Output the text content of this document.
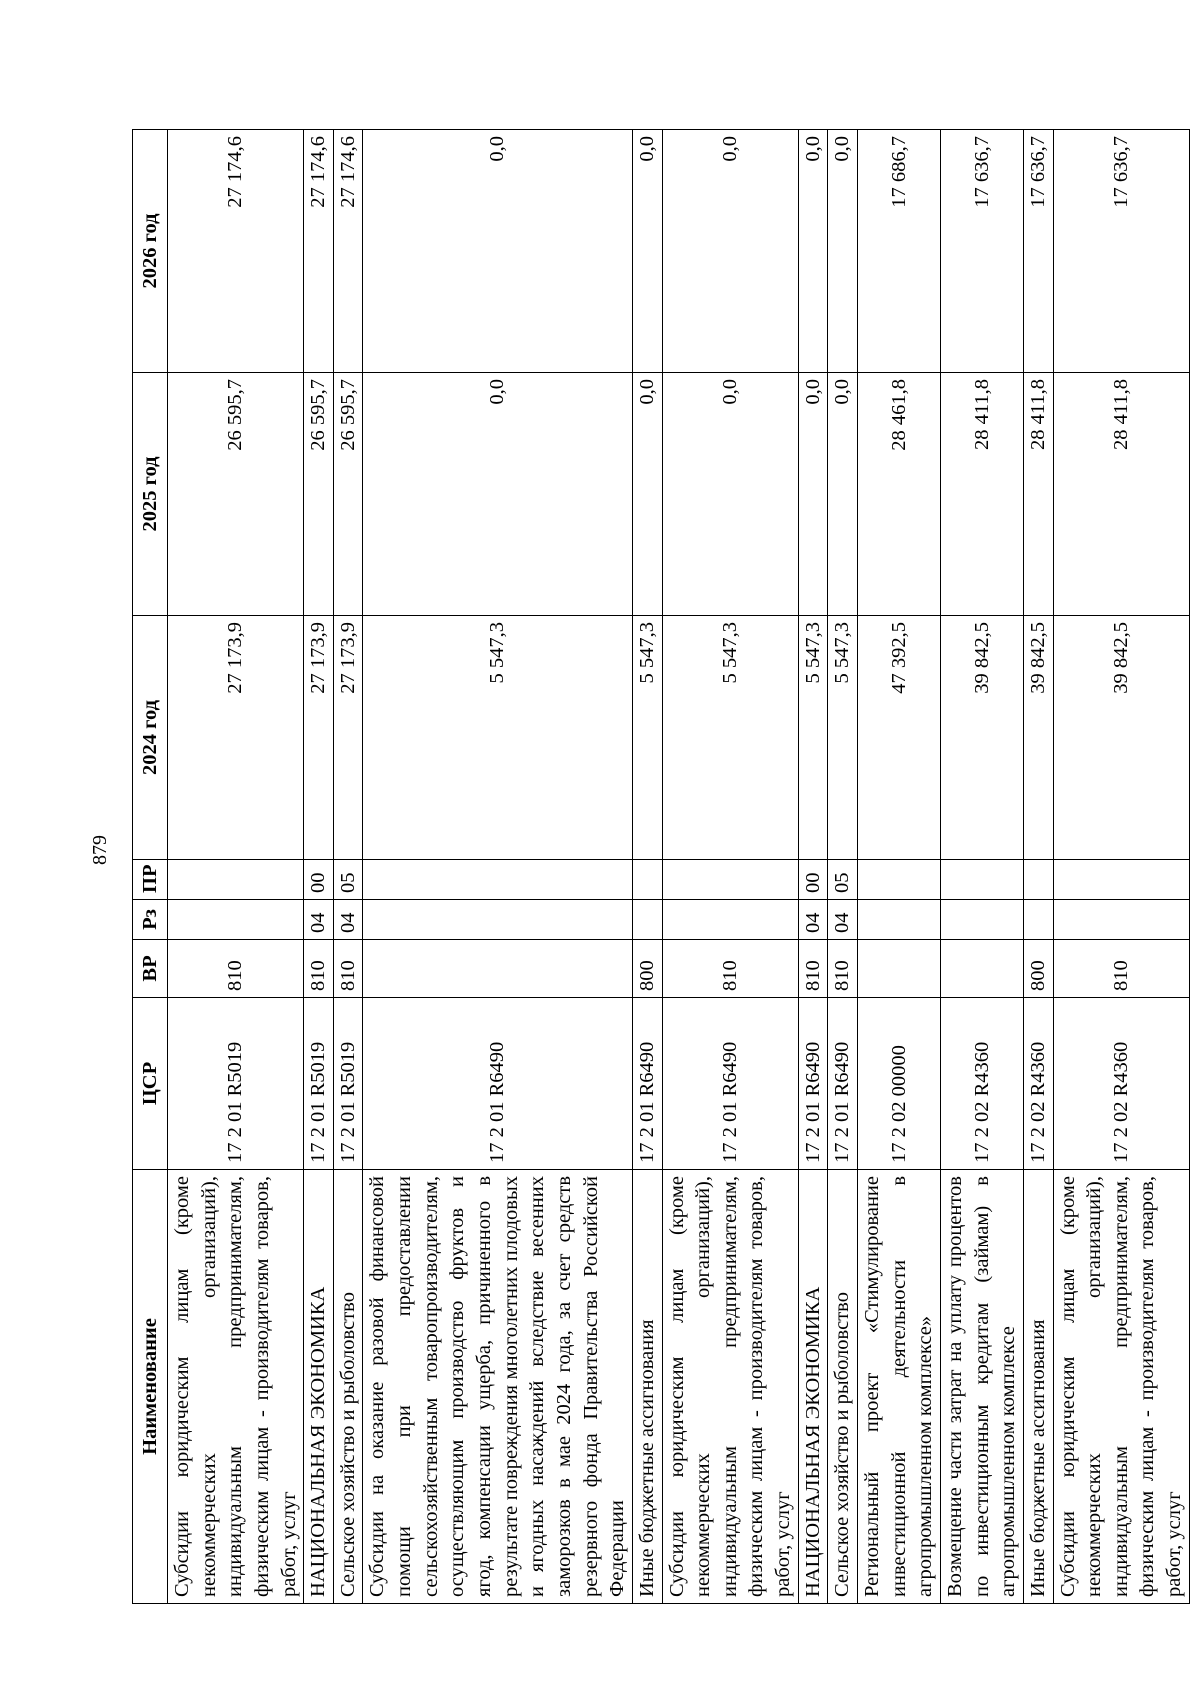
879
Наименование	ЦСР	ВР	Рз	ПР	2024 год	2025 год	2026 год
Субсидии юридическим лицам (кроме некоммерческих организаций), индивидуальным предпринимателям, физическим лицам - производителям товаров, работ, услуг	17 2 01 R5019	810			27 173,9	26 595,7	27 174,6
НАЦИОНАЛЬНАЯ ЭКОНОМИКА	17 2 01 R5019	810	04	00	27 173,9	26 595,7	27 174,6
Сельское хозяйство и рыболовство	17 2 01 R5019	810	04	05	27 173,9	26 595,7	27 174,6
Субсидии на оказание разовой финансовой помощи при предоставлении сельскохозяйственным товаропроизводителям, осуществляющим производство фруктов и ягод, компенсации ущерба, причиненного в результате повреждения многолетних плодовых и ягодных насаждений вследствие весенних заморозков в мае 2024 года, за счет средств резервного фонда Правительства Российской Федерации	17 2 01 R6490				5 547,3	0,0	0,0
Иные бюджетные ассигнования	17 2 01 R6490	800			5 547,3	0,0	0,0
Субсидии юридическим лицам (кроме некоммерческих организаций), индивидуальным предпринимателям, физическим лицам - производителям товаров, работ, услуг	17 2 01 R6490	810			5 547,3	0,0	0,0
НАЦИОНАЛЬНАЯ ЭКОНОМИКА	17 2 01 R6490	810	04	00	5 547,3	0,0	0,0
Сельское хозяйство и рыболовство	17 2 01 R6490	810	04	05	5 547,3	0,0	0,0
Региональный проект «Стимулирование инвестиционной деятельности в агропромышленном комплексе»	17 2 02 00000				47 392,5	28 461,8	17 686,7
Возмещение части затрат на уплату процентов по инвестиционным кредитам (займам) в агропромышленном комплексе	17 2 02 R4360				39 842,5	28 411,8	17 636,7
Иные бюджетные ассигнования	17 2 02 R4360	800			39 842,5	28 411,8	17 636,7
Субсидии юридическим лицам (кроме некоммерческих организаций), индивидуальным предпринимателям, физическим лицам - производителям товаров, работ, услуг	17 2 02 R4360	810			39 842,5	28 411,8	17 636,7
